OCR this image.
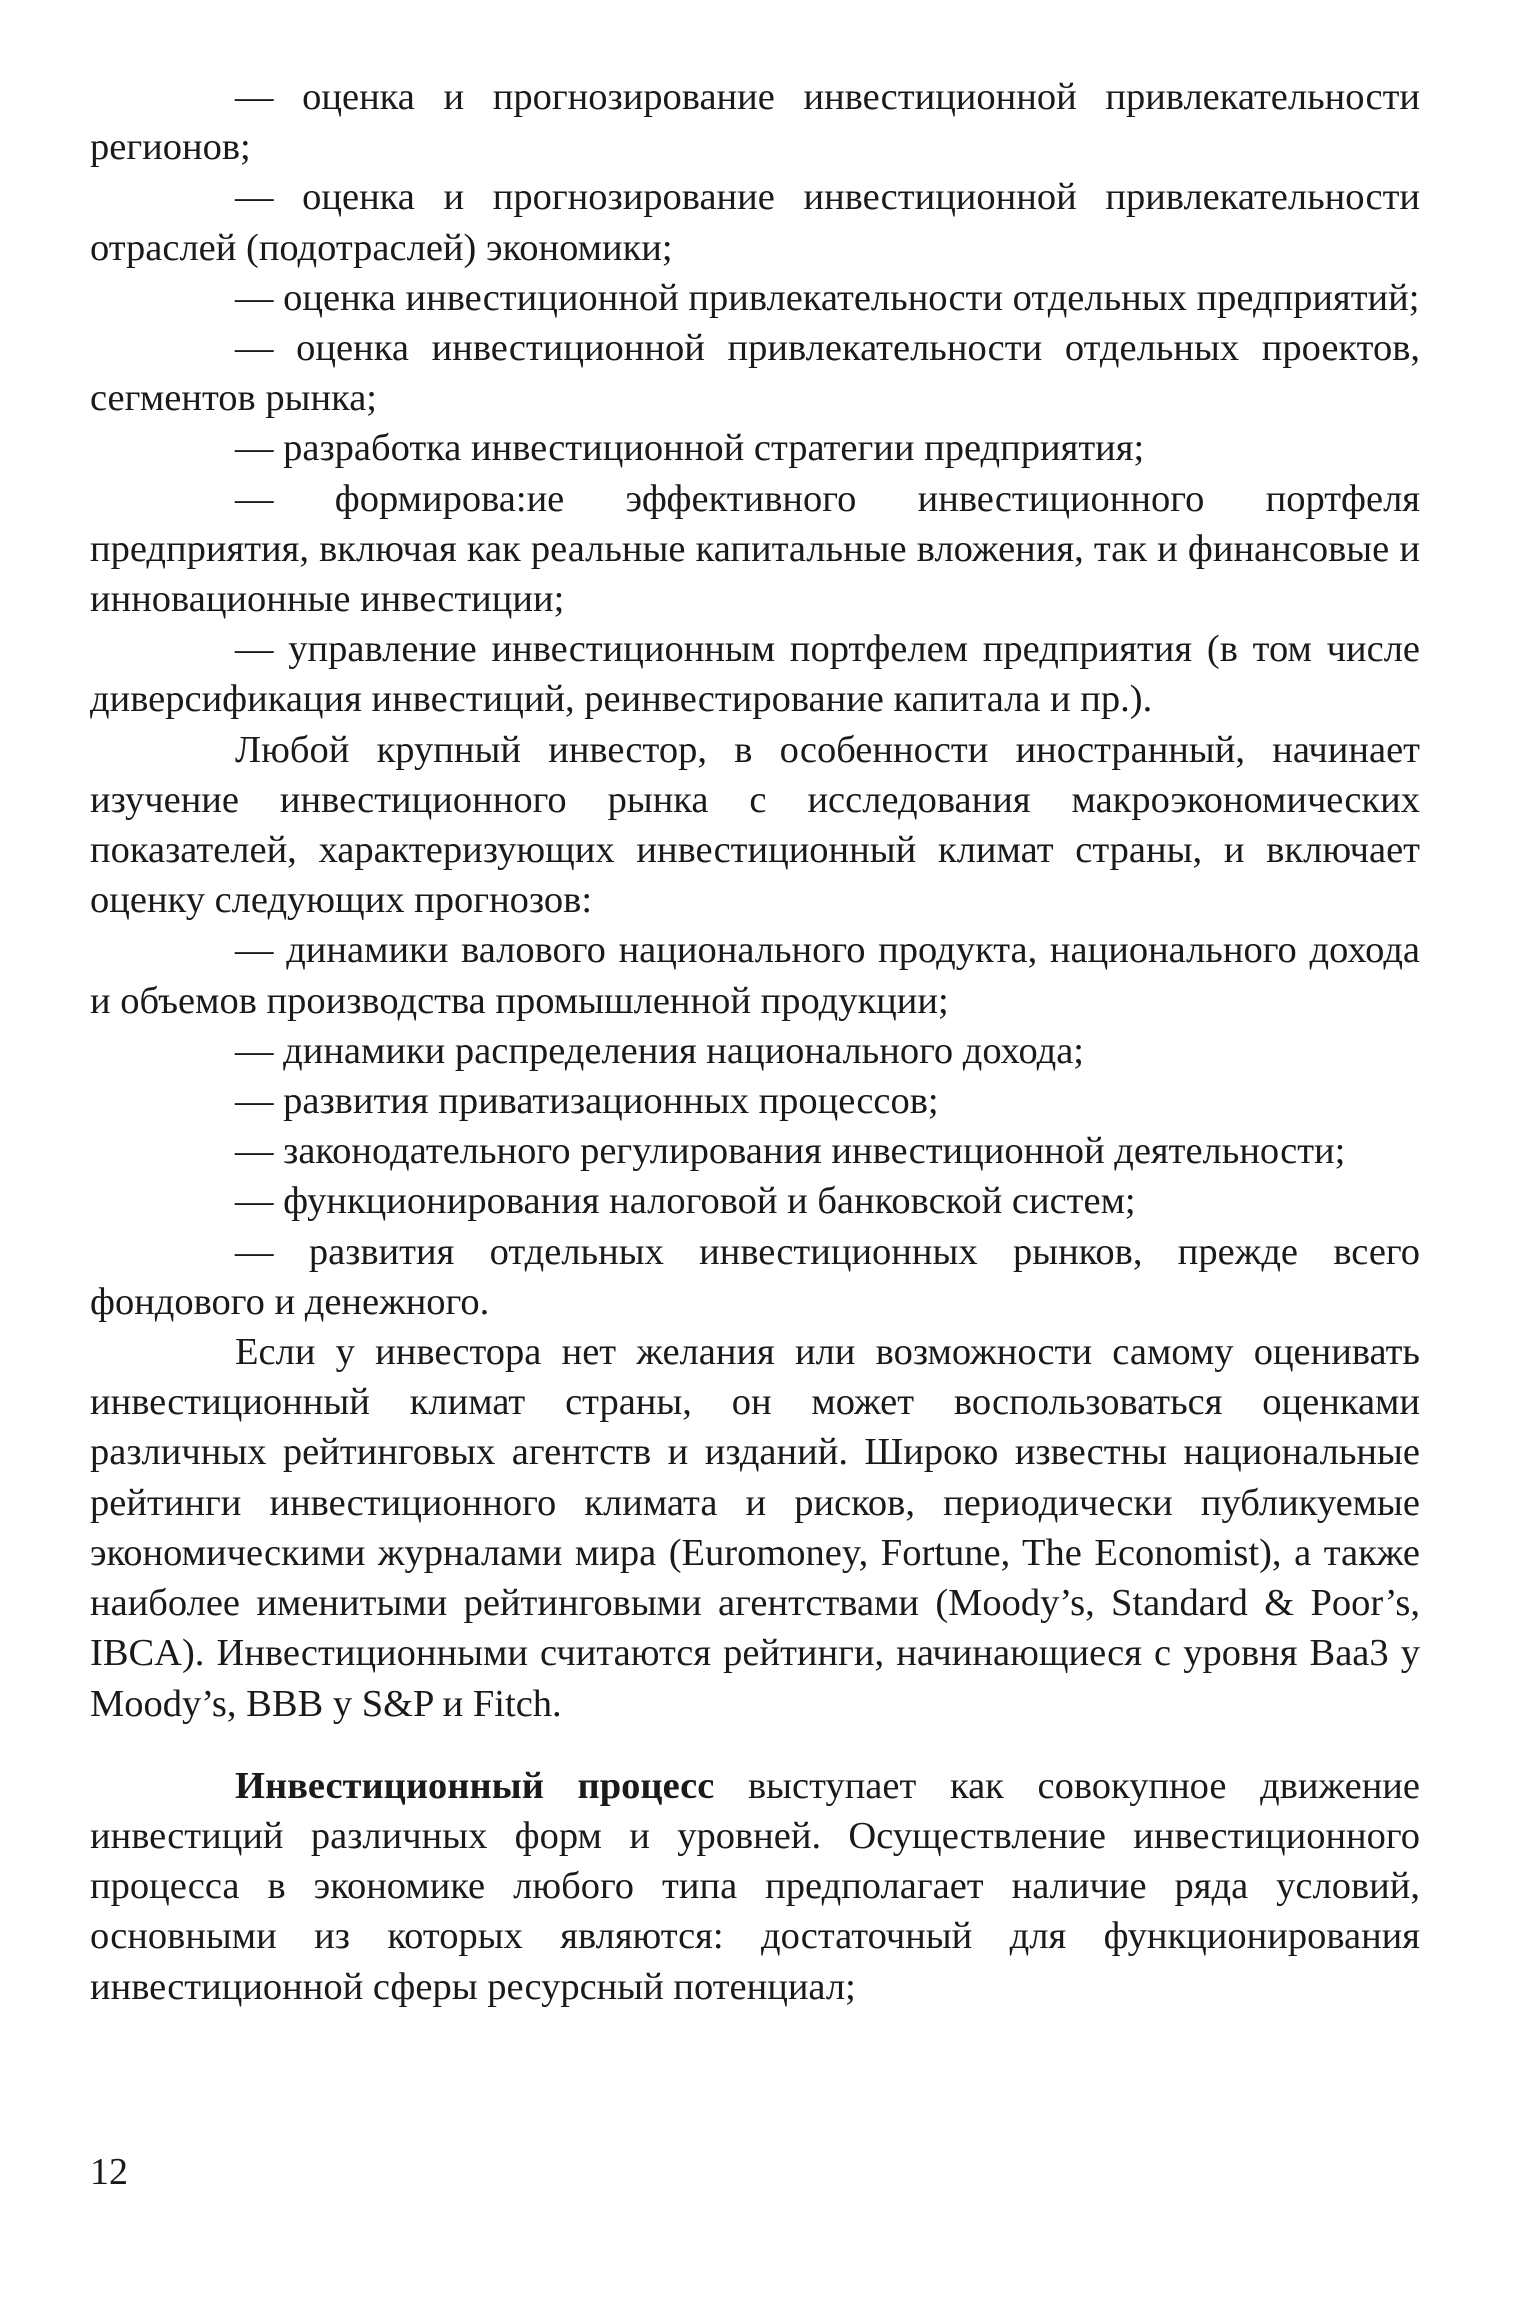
— оценка и прогнозирование инвестиционной привлекательности регионов;

— оценка и прогнозирование инвестиционной привлекательности отраслей (подотраслей) экономики;

— оценка инвестиционной привлекательности отдельных предприятий;

— оценка инвестиционной привлекательности отдельных проектов, сегментов рынка;

— разработка инвестиционной стратегии предприятия;

— формирова:ие эффективного инвестиционного портфеля предприятия, включая как реальные капитальные вложения, так и финансовые и инновационные инвестиции;

— управление инвестиционным портфелем предприятия (в том числе диверсификация инвестиций, реинвестирование капитала и пр.).

Любой крупный инвестор, в особенности иностранный, начинает изучение инвестиционного рынка с исследования макроэкономических показателей, характеризующих инвестиционный климат страны, и включает оценку следующих прогнозов:

— динамики валового национального продукта, национального дохода и объемов производства промышленной продукции;

— динамики распределения национального дохода;

— развития приватизационных процессов;

— законодательного регулирования инвестиционной деятельности;

— функционирования налоговой и банковской систем;

— развития отдельных инвестиционных рынков, прежде всего фондового и денежного.

Если у инвестора нет желания или возможности самому оценивать инвестиционный климат страны, он может воспользоваться оценками различных рейтинговых агентств и изданий. Широко известны национальные рейтинги инвестиционного климата и рисков, периодически публикуемые экономическими журналами мира (Euromoney, Fortune, The Economist), а также наиболее именитыми рейтинговыми агентствами (Moody’s, Standard & Poor’s, IBCA). Инвестиционными считаются рейтинги, начинающиеся с уровня Baa3 у Moody’s, BBB у S&P и Fitch.

Инвестиционный процесс выступает как совокупное движение инвестиций различных форм и уровней. Осуществление инвестиционного процесса в экономике любого типа предполагает наличие ряда условий, основными из которых являются: достаточный для функционирования инвестиционной сферы ресурсный потенциал;

12
